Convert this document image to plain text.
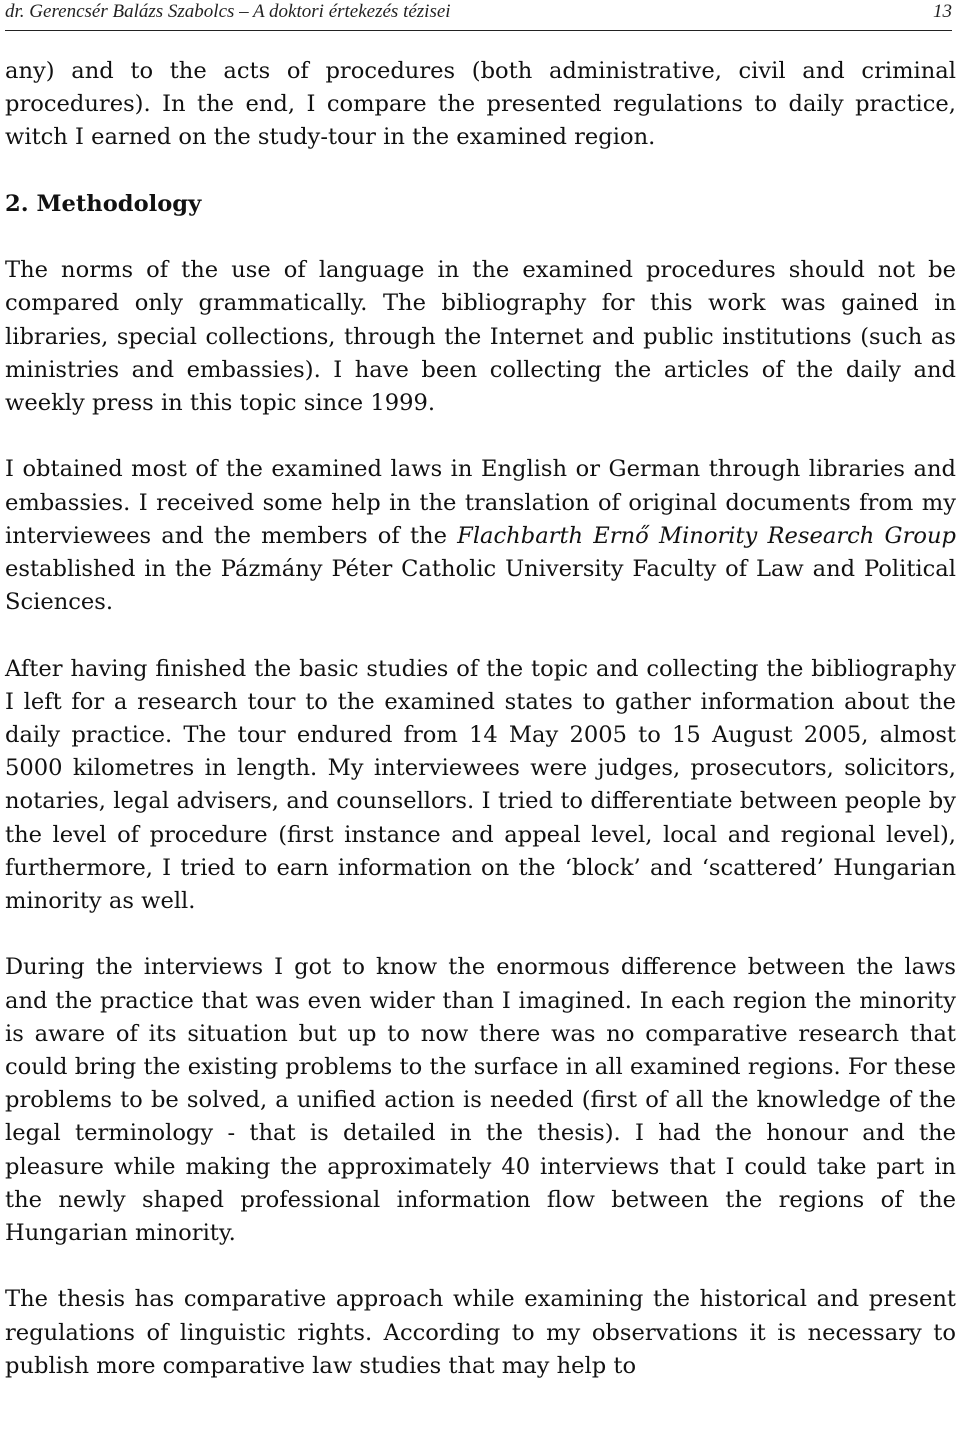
dr. Gerencsér Balázs Szabolcs – A doktori értekezés tézisei	13

any) and to the acts of procedures (both administrative, civil and criminal procedures). In the end, I compare the presented regulations to daily practice, witch I earned on the study-tour in the examined region.

2. Methodology

The norms of the use of language in the examined procedures should not be compared only grammatically. The bibliography for this work was gained in libraries, special collections, through the Internet and public institutions (such as ministries and embassies). I have been collecting the articles of the daily and weekly press in this topic since 1999.

I obtained most of the examined laws in English or German through libraries and embassies. I received some help in the translation of original documents from my interviewees and the members of the Flachbarth Ernő Minority Research Group established in the Pázmány Péter Catholic University Faculty of Law and Political Sciences.

After having finished the basic studies of the topic and collecting the bibliography I left for a research tour to the examined states to gather information about the daily practice. The tour endured from 14 May 2005 to 15 August 2005, almost 5000 kilometres in length. My interviewees were judges, prosecutors, solicitors, notaries, legal advisers, and counsellors. I tried to differentiate between people by the level of procedure (first instance and appeal level, local and regional level), furthermore, I tried to earn information on the ‘block’ and ‘scattered’ Hungarian minority as well.

During the interviews I got to know the enormous difference between the laws and the practice that was even wider than I imagined. In each region the minority is aware of its situation but up to now there was no comparative research that could bring the existing problems to the surface in all examined regions. For these problems to be solved, a unified action is needed (first of all the knowledge of the legal terminology - that is detailed in the thesis). I had the honour and the pleasure while making the approximately 40 interviews that I could take part in the newly shaped professional information flow between the regions of the Hungarian minority.

The thesis has comparative approach while examining the historical and present regulations of linguistic rights. According to my observations it is necessary to publish more comparative law studies that may help to
